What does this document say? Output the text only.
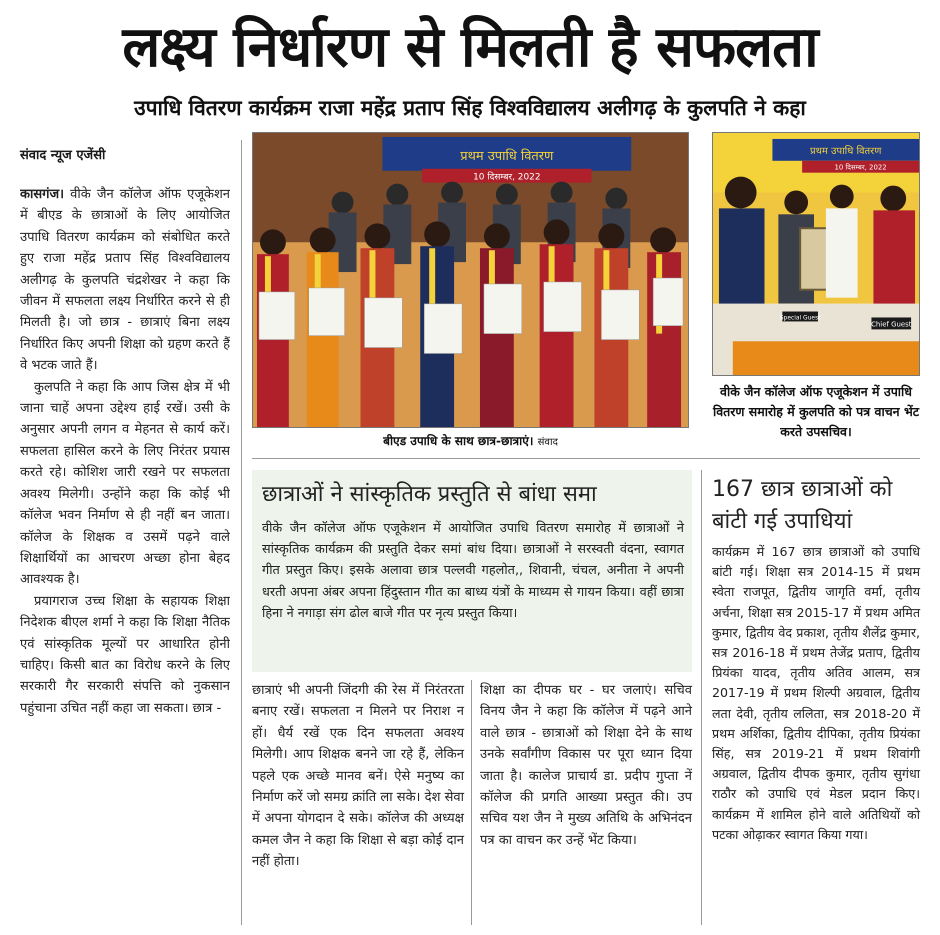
लक्ष्य निर्धारण से मिलती है सफलता
उपाधि वितरण कार्यक्रम राजा महेंद्र प्रताप सिंह विश्वविद्यालय अलीगढ़ के कुलपति ने कहा
संवाद न्यूज एजेंसी

कासगंज। वीके जैन कॉलेज ऑफ एजूकेशन में बीएड के छात्राओं के लिए आयोजित उपाधि वितरण कार्यक्रम को संबोधित करते हुए राजा महेंद्र प्रताप सिंह विश्वविद्यालय अलीगढ़ के कुलपति चंद्रशेखर ने कहा कि जीवन में सफलता लक्ष्य निर्धारित करने से ही मिलती है। जो छात्र - छात्राएं बिना लक्ष्य निर्धारित किए अपनी शिक्षा को ग्रहण करते हैं वे भटक जाते हैं।

कुलपति ने कहा कि आप जिस क्षेत्र में भी जाना चाहें अपना उद्देश्य हाई रखें। उसी के अनुसार अपनी लगन व मेहनत से कार्य करें। सफलता हासिल करने के लिए निरंतर प्रयास करते रहे। कोशिश जारी रखने पर सफलता अवश्य मिलेगी। उन्होंने कहा कि कोई भी कॉलेज भवन निर्माण से ही नहीं बन जाता। कॉलेज के शिक्षक व उसमें पढ़ने वाले शिक्षार्थियों का आचरण अच्छा होना बेहद आवश्यक है।

प्रयागराज उच्च शिक्षा के सहायक शिक्षा निदेशक बीएल शर्मा ने कहा कि शिक्षा नैतिक एवं सांस्कृतिक मूल्यों पर आधारित होनी चाहिए। किसी बात का विरोध करने के लिए सरकारी गैर सरकारी संपत्ति को नुकसान पहुंचाना उचित नहीं कहा जा सकता। छात्र -

प्रथम उपाधि वितरण
10 दिसम्बर, 2022
बीएड उपाधि के साथ छात्र-छात्राएं। संवाद
प्रथम उपाधि वितरण
10 दिसम्बर, 2022
Special Guest
Chief Guest
वीके जैन कॉलेज ऑफ एजूकेशन में उपाधि वितरण समारोह में कुलपति को पत्र वाचन भेंट करते उपसचिव।
छात्राओं ने सांस्कृतिक प्रस्तुति से बांधा समा
वीके जैन कॉलेज ऑफ एजूकेशन में आयोजित उपाधि वितरण समारोह में छात्राओं ने सांस्कृतिक कार्यक्रम की प्रस्तुति देकर समां बांध दिया। छात्राओं ने सरस्वती वंदना, स्वागत गीत प्रस्तुत किए। इसके अलावा छात्र पल्लवी गहलोत,, शिवानी, चंचल, अनीता ने अपनी धरती अपना अंबर अपना हिंदुस्तान गीत का बाध्य यंत्रों के माध्यम से गायन किया। वहीं छात्रा हिना ने नगाड़ा संग ढोल बाजे गीत पर नृत्य प्रस्तुत किया।
छात्राएं भी अपनी जिंदगी की रेस में निरंतरता बनाए रखें। सफलता न मिलने पर निराश न हों। धैर्य रखें एक दिन सफलता अवश्य मिलेगी। आप शिक्षक बनने जा रहे हैं, लेकिन पहले एक अच्छे मानव बनें। ऐसे मनुष्य का निर्माण करें जो समग्र क्रांति ला सके। देश सेवा में अपना योगदान दे सके। कॉलेज की अध्यक्ष कमल जैन ने कहा कि शिक्षा से बड़ा कोई दान नहीं होता।
शिक्षा का दीपक घर - घर जलाएं। सचिव विनय जैन ने कहा कि कॉलेज में पढ़ने आने वाले छात्र - छात्राओं को शिक्षा देने के साथ उनके सर्वांगीण विकास पर पूरा ध्यान दिया जाता है। कालेज प्राचार्य डा. प्रदीप गुप्ता नें कॉलेज की प्रगति आख्या प्रस्तुत की। उप सचिव यश जैन ने मुख्य अतिथि के अभिनंदन पत्र का वाचन कर उन्हें भेंट किया।
167 छात्र छात्राओं को बांटी गई उपाधियां
कार्यक्रम में 167 छात्र छात्राओं को उपाधि बांटी गई। शिक्षा सत्र 2014-15 में प्रथम स्वेता राजपूत, द्वितीय जागृति वर्मा, तृतीय अर्चना, शिक्षा सत्र 2015-17 में प्रथम अमित कुमार, द्वितीय वेद प्रकाश, तृतीय शैलेंद्र कुमार, सत्र 2016-18 में प्रथम तेजेंद्र प्रताप, द्वितीय प्रियंका यादव, तृतीय अतिव आलम, सत्र 2017-19 में प्रथम शिल्पी अग्रवाल, द्वितीय लता देवी, तृतीय ललिता, सत्र 2018-20 में प्रथम अर्शिका, द्वितीय दीपिका, तृतीय प्रियंका सिंह, सत्र 2019-21 में प्रथम शिवांगी अग्रवाल, द्वितीय दीपक कुमार, तृतीय सुगंधा राठौर को उपाधि एवं मेडल प्रदान किए। कार्यक्रम में शामिल होने वाले अतिथियों को पटका ओढ़ाकर स्वागत किया गया।
